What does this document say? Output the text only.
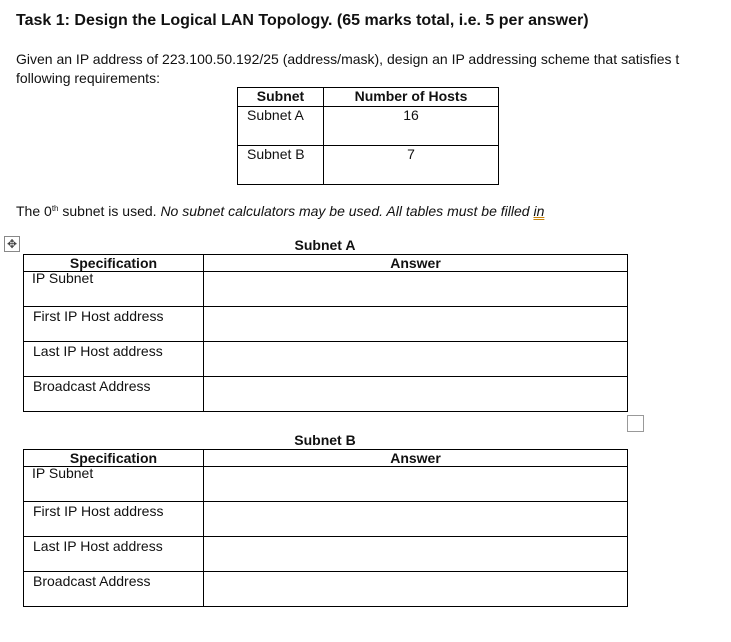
Task 1: Design the Logical LAN Topology. (65 marks total, i.e. 5 per answer)
Given an IP address of 223.100.50.192/25 (address/mask), design an IP addressing scheme that satisfies t
following requirements:
Subnet	Number of Hosts
Subnet A	16
Subnet B	7
The 0th subnet is used. No subnet calculators may be used. All tables must be filled in
✥	Subnet A
Specification	Answer

IP Subnet	

First IP Host address	

Last IP Host address	

Broadcast Address	

Subnet B
Specification	Answer

IP Subnet	

First IP Host address	

Last IP Host address	

Broadcast Address	
